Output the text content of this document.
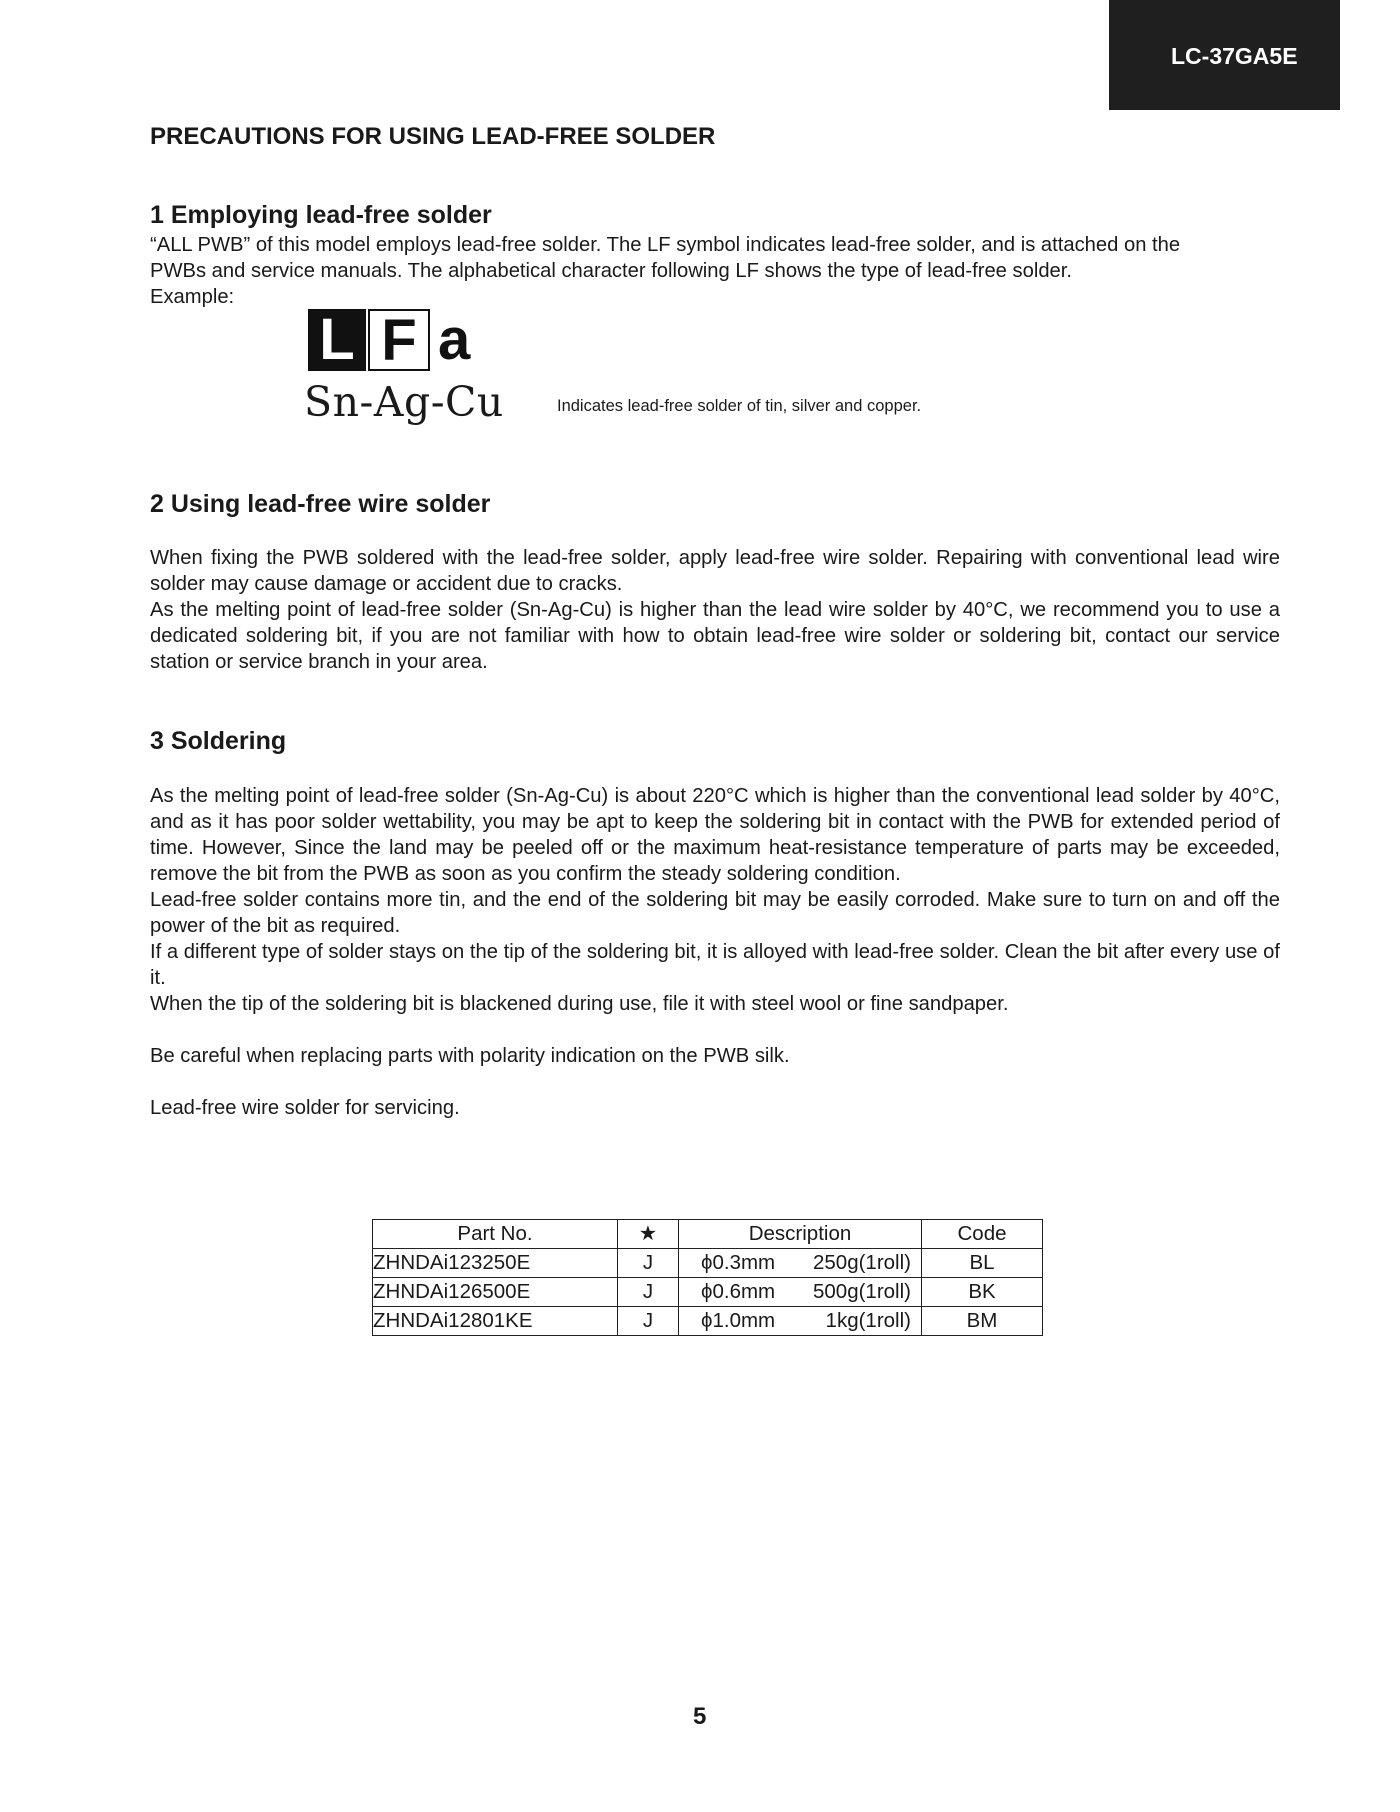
LC-37GA5E
PRECAUTIONS FOR USING LEAD-FREE SOLDER
1 Employing lead-free solder

“ALL PWB” of this model employs lead-free solder. The LF symbol indicates lead-free solder, and is attached on the

PWBs and service manuals. The alphabetical character following LF shows the type of lead-free solder.

Example:

L F a
Sn-Ag-Cu	Indicates lead-free solder of tin, silver and copper.
2 Using lead-free wire solder

When fixing the PWB soldered with the lead-free solder, apply lead-free wire solder. Repairing with conventional lead wire solder may cause damage or accident due to cracks.

As the melting point of lead-free solder (Sn-Ag-Cu) is higher than the lead wire solder by 40°C, we recommend you to use a dedicated soldering bit, if you are not familiar with how to obtain lead-free wire solder or soldering bit, contact our service station or service branch in your area.

3 Soldering

As the melting point of lead-free solder (Sn-Ag-Cu) is about 220°C which is higher than the conventional lead solder by 40°C, and as it has poor solder wettability, you may be apt to keep the soldering bit in contact with the PWB for extended period of time. However, Since the land may be peeled off or the maximum heat-resistance temperature of parts may be exceeded, remove the bit from the PWB as soon as you confirm the steady soldering condition.

Lead-free solder contains more tin, and the end of the soldering bit may be easily corroded. Make sure to turn on and off the power of the bit as required.

If a different type of solder stays on the tip of the soldering bit, it is alloyed with lead-free solder. Clean the bit after every use of it.

When the tip of the soldering bit is blackened during use, file it with steel wool or fine sandpaper.

Be careful when replacing parts with polarity indication on the PWB silk.

Lead-free wire solder for servicing.

Part No.	★	Description	Code
ZHNDAi123250E	J	ϕ0.3mm 250g(1roll)	BL
ZHNDAi126500E	J	ϕ0.6mm 500g(1roll)	BK
ZHNDAi12801KE	J	ϕ1.0mm 1kg(1roll)	BM
5
